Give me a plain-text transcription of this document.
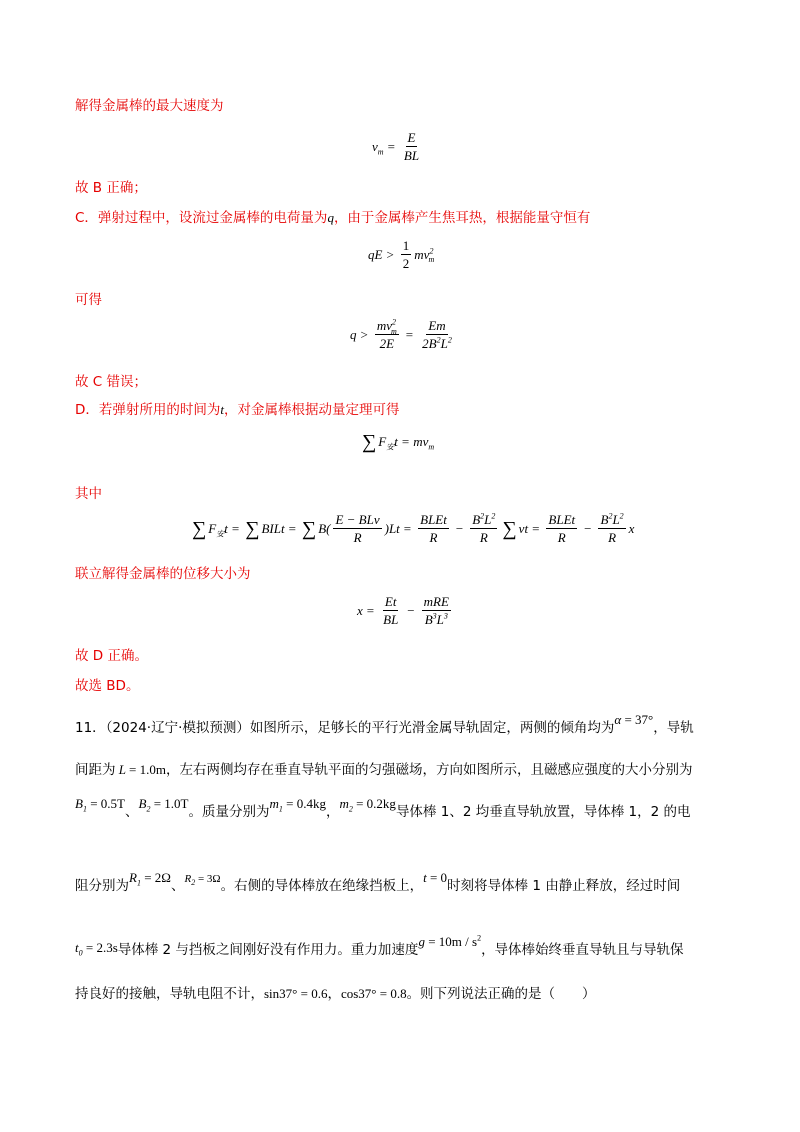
解得金属棒的最大速度为
$v_m = \frac{E}{BL}$
故 B 正确；
C．弹射过程中，设流过金属棒的电荷量为q，由于金属棒产生焦耳热，根据能量守恒有
qE > $\frac{1}{2} mv^2_m$
可得
$q > \frac{mv^2_m}{2E} = \frac{Em}{2B^2L^2}$
故 C 错误；
D．若弹射所用的时间为t，对金属棒根据动量定理可得
∑ $F_安t = mv_m$
其中
∑ $F_安t$ = ∑ BILt = ∑ $B( \frac{\text{E − BLv}}{R} )Lt = \frac{\text{BLEt}}{R} - \frac{B^2L^2}{R}$ ∑ vt = $\frac{\text{BLEt}}{R} - \frac{B^2L^2}{R}$ x
联立解得金属棒的位移大小为
$x = \frac{Et}{BL} - \frac{\text{mRE}}{B^3L^3}$
故 D 正确。
故选 BD。
11．（2024·辽宁·模拟预测）如图所示，足够长的平行光滑金属导轨固定，两侧的倾角均为α = 37°，导轨
间距为 L = 1.0m，左右两侧均存在垂直导轨平面的匀强磁场，方向如图所示，且磁感应强度的大小分别为
$B_1 = 0.5T$、$B_2 = 1.0T$。质量分别为$m_1 = 0.4kg$，$m_2 = 0.2kg$导体棒 1、2 均垂直导轨放置，导体棒 1，2 的电
阻分别为$R_1 = 2\Omega$、$^{R_2 = 3\Omega}$。右侧的导体棒放在绝缘挡板上，t = 0时刻将导体棒 1 由静止释放，经过时间
$t_0 = 2.3s$导体棒 2 与挡板之间刚好没有作用力。重力加速度$g = 10m / s^2$，导体棒始终垂直导轨且与导轨保
持良好的接触，导轨电阻不计，sin37° = 0.6，cos37° = 0.8。则下列说法正确的是（　　）
